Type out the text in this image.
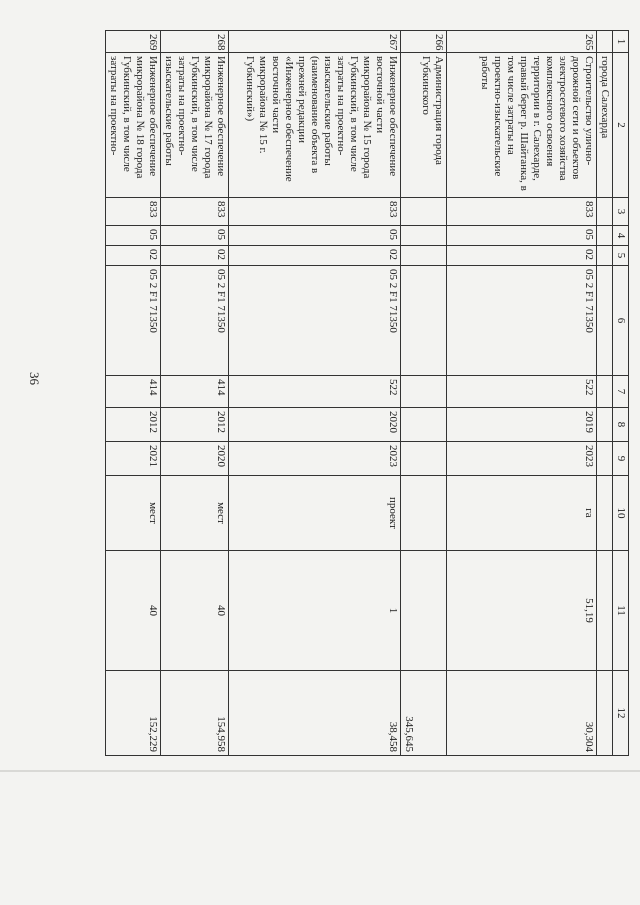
36
1	2	3	4	5	6	7	8	9	10	11	12
	города Салехарда										
265	Строительство улично-дорожной сети и объектов электросетевого хозяйства комплексного освоения территории в г. Салехарде, правый берег р. Шайтанка, в том числе затраты на проектно-изыскательские работы	833	05	02	05 2 F1 71350	522	2019	2023	га	51,19	30,304
266	Администрация города Губкинского										345,645
267	Инженерное обеспечение восточной части микрорайона № 15 города Губкинский, в том числе затраты на проектно-изыскательские работы (наименование объекта в прежней редакции «Инженерное обеспечение восточной части микрорайона № 15 г. Губкинский»)	833	05	02	05 2 F1 71350	522	2020	2023	проект	1	38,458
268	Инженерное обеспечение микрорайона № 17 города Губкинский, в том числе затраты на проектно-изыскательские работы	833	05	02	05 2 F1 71350	414	2012	2020	мест	40	154,958
269	Инженерное обеспечение микрорайона № 18 города Губкинский, в том числе затраты на проектно-	833	05	02	05 2 F1 71350	414	2012	2021	мест	40	152,229
